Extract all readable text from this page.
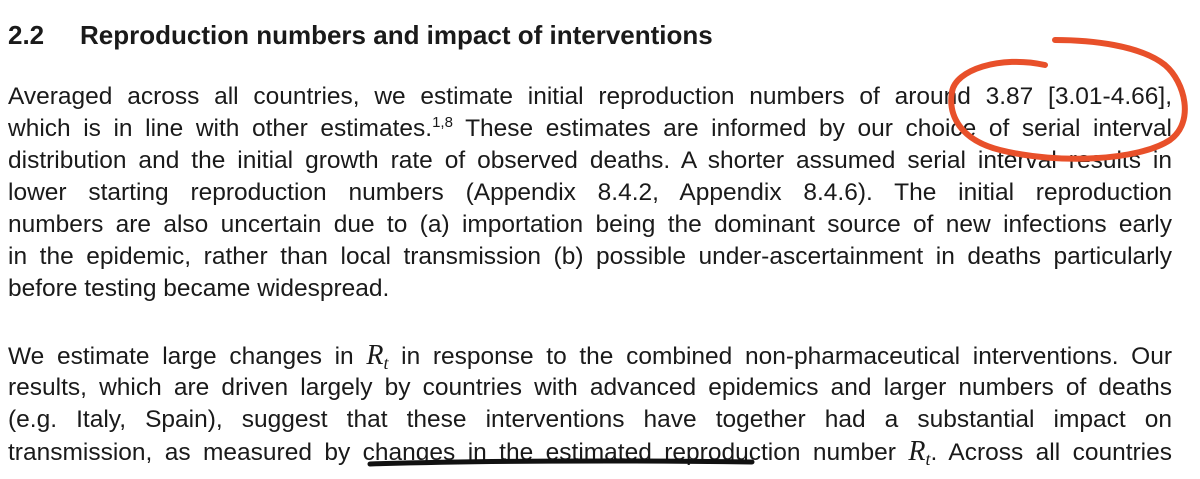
2.2 Reproduction numbers and impact of interventions
Averaged across all countries, we estimate initial reproduction numbers of around 3.87 [3.01-4.66],
which is in line with other estimates.$^{1,8}$ These estimates are informed by our choice of serial interval
distribution and the initial growth rate of observed deaths. A shorter assumed serial interval results in
lower starting reproduction numbers (Appendix 8.4.2, Appendix 8.4.6). The initial reproduction
numbers are also uncertain due to (a) importation being the dominant source of new infections early
in the epidemic, rather than local transmission (b) possible under-ascertainment in deaths particularly
before testing became widespread.
We estimate large changes in $R_t$ in response to the combined non-pharmaceutical interventions. Our
results, which are driven largely by countries with advanced epidemics and larger numbers of deaths
(e.g. Italy, Spain), suggest that these interventions have together had a substantial impact on
transmission, as measured by changes in the estimated reproduction number $R_t$. Across all countries
